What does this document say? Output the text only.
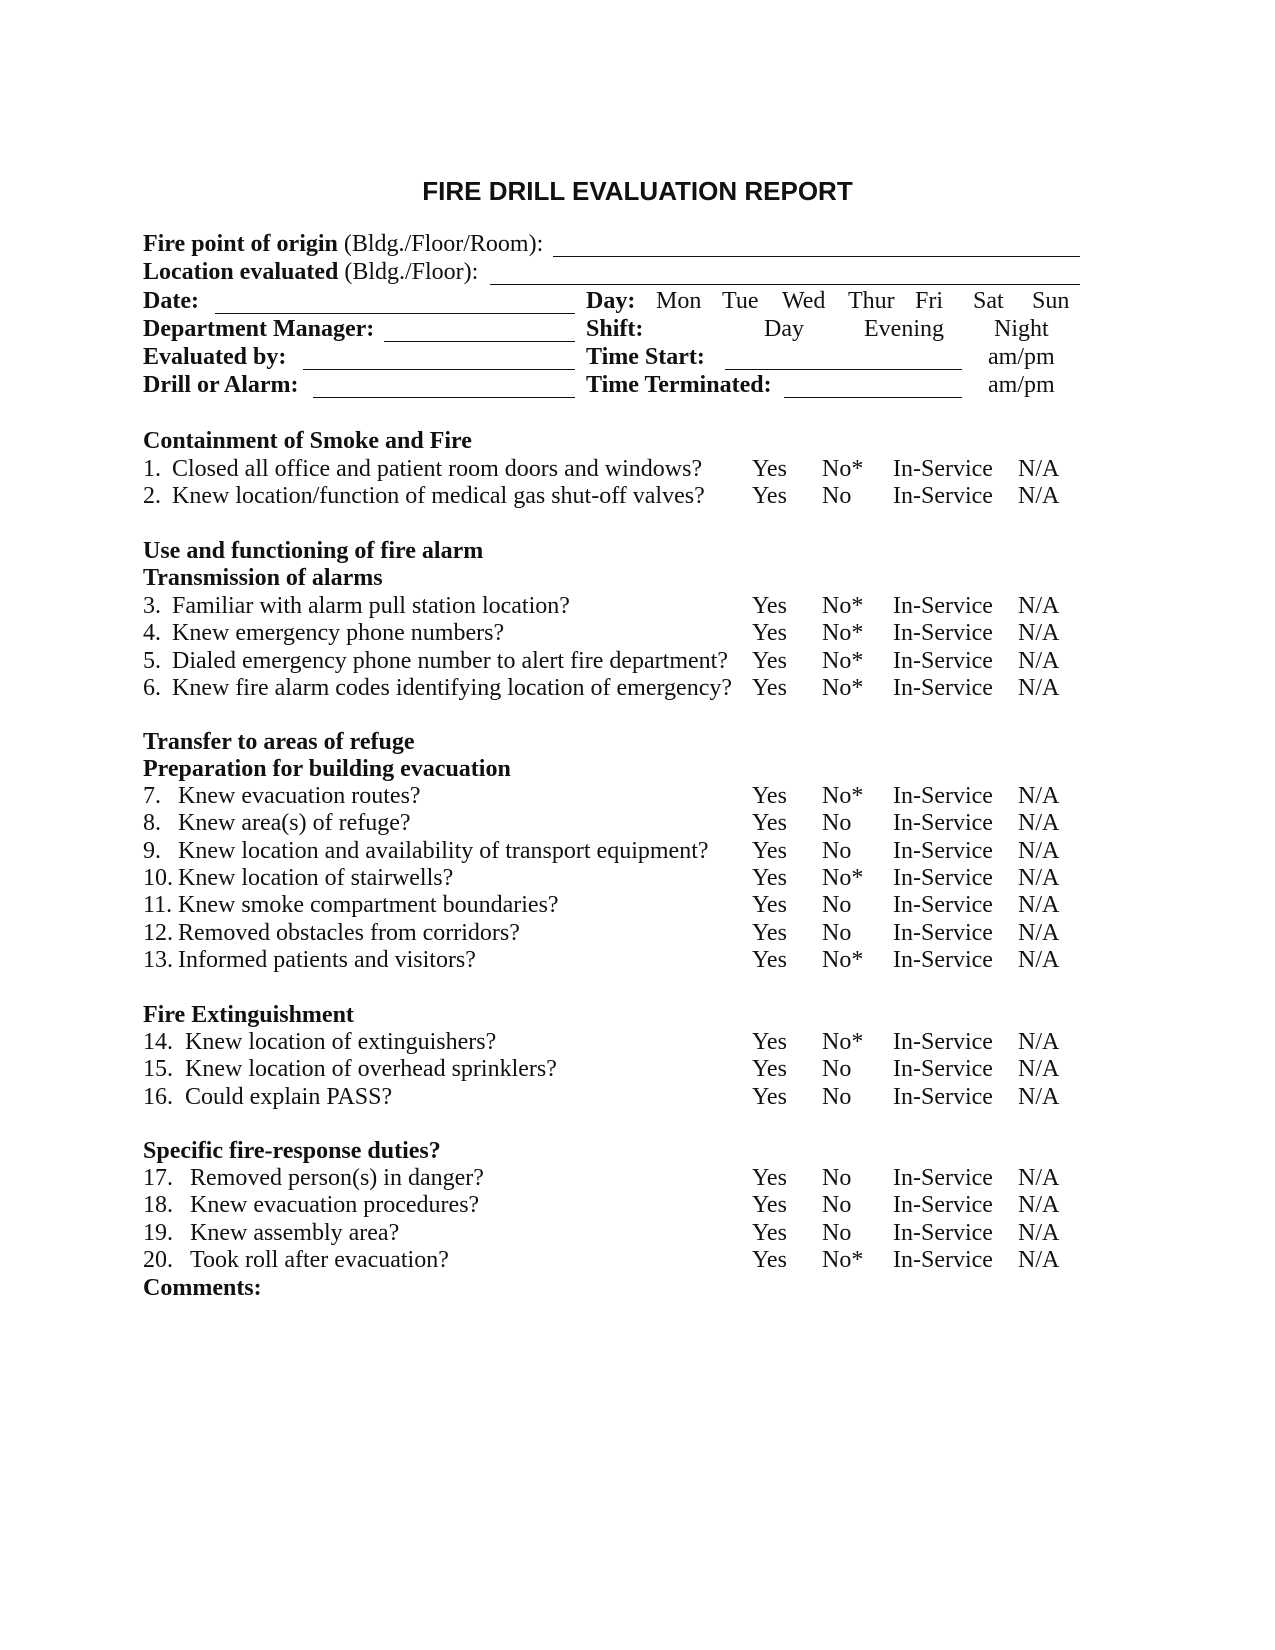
FIRE DRILL EVALUATION REPORT
Fire point of origin (Bldg./Floor/Room):
Location evaluated (Bldg./Floor):
Date:
Department Manager:
Evaluated by:
Drill or Alarm:
Day: Mon Tue Wed Thur Fri Sat Sun
Shift:	Day	Evening Night
Time Start:	am/pm
Time Terminated:	am/pm
Containment of Smoke and Fire
1. Closed all office and patient room doors and windows? Yes No* In-Service N/A
2. Knew location/function of medical gas shut-off valves? Yes No In-Service N/A
Use and functioning of fire alarm
Transmission of alarms
3. Familiar with alarm pull station location?	Yes No* In-Service N/A
4. Knew emergency phone numbers?	Yes No* In-Service N/A
5. Dialed emergency phone number to alert fire department? Yes No* In-Service N/A
6. Knew fire alarm codes identifying location of emergency? Yes No* In-Service N/A
Transfer to areas of refuge
Preparation for building evacuation
7. Knew evacuation routes?	Yes No* In-Service N/A
8. Knew area(s) of refuge?	Yes No In-Service N/A
9. Knew location and availability of transport equipment? Yes No In-Service N/A
10. Knew location of stairwells?	Yes No* In-Service N/A
11. Knew smoke compartment boundaries?	Yes No In-Service N/A
12. Removed obstacles from corridors?	Yes No In-Service N/A
13. Informed patients and visitors?	Yes No* In-Service N/A
Fire Extinguishment
14. Knew location of extinguishers?	Yes No* In-Service N/A
15. Knew location of overhead sprinklers?	Yes No In-Service N/A
16. Could explain PASS?	Yes No In-Service N/A
Specific fire-response duties?
17. Removed person(s) in danger?	Yes No In-Service N/A
18. Knew evacuation procedures?	Yes No In-Service N/A
19. Knew assembly area?	Yes No In-Service N/A
20. Took roll after evacuation?	Yes No* In-Service N/A
Comments:
